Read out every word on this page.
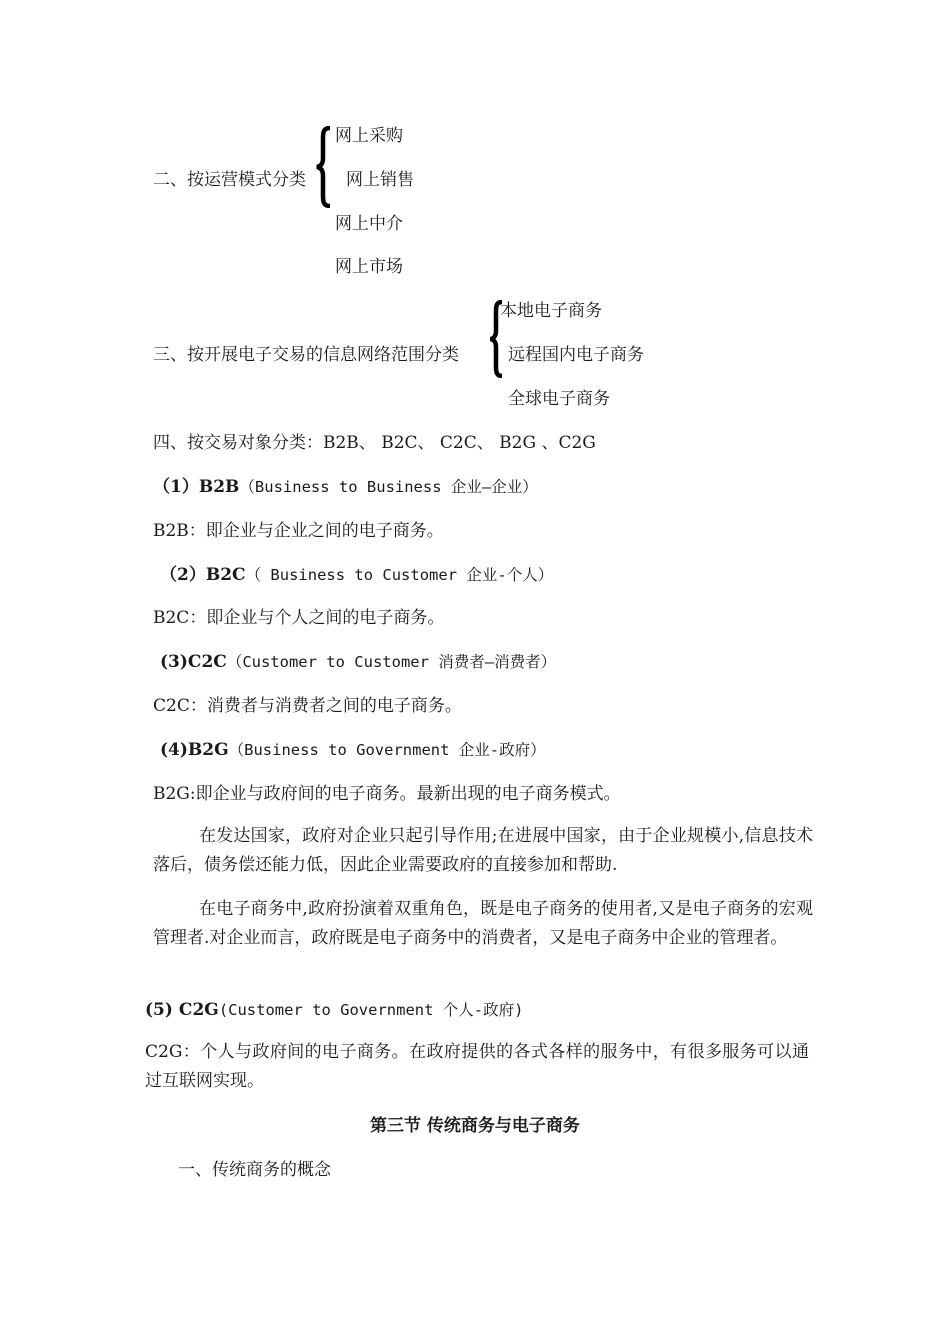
网上采购
二、按运营模式分类 网上销售
网上中介
网上市场
本地电子商务
三、按开展电子交易的信息网络范围分类	远程国内电子商务
全球电子商务
四、按交易对象分类：B2B、 B2C、 C2C、 B2G 、C2G
（1）B2B（Business to Business 企业—企业）
B2B：即企业与企业之间的电子商务。
（2）B2C（ Business to Customer 企业-个人）
B2C：即企业与个人之间的电子商务。
(3)C2C（Customer to Customer 消费者—消费者）
C2C：消费者与消费者之间的电子商务。
(4)B2G（Business to Government 企业-政府）
B2G:即企业与政府间的电子商务。最新出现的电子商务模式。
在发达国家，政府对企业只起引导作用;在进展中国家，由于企业规模小,信息技术落后，债务偿还能力低，因此企业需要政府的直接参加和帮助.
在电子商务中,政府扮演着双重角色，既是电子商务的使用者,又是电子商务的宏观管理者.对企业而言，政府既是电子商务中的消费者，又是电子商务中企业的管理者。
(5) C2G(Customer to Government 个人-政府)
C2G：个人与政府间的电子商务。在政府提供的各式各样的服务中，有很多服务可以通过互联网实现。
第三节 传统商务与电子商务
一、传统商务的概念
